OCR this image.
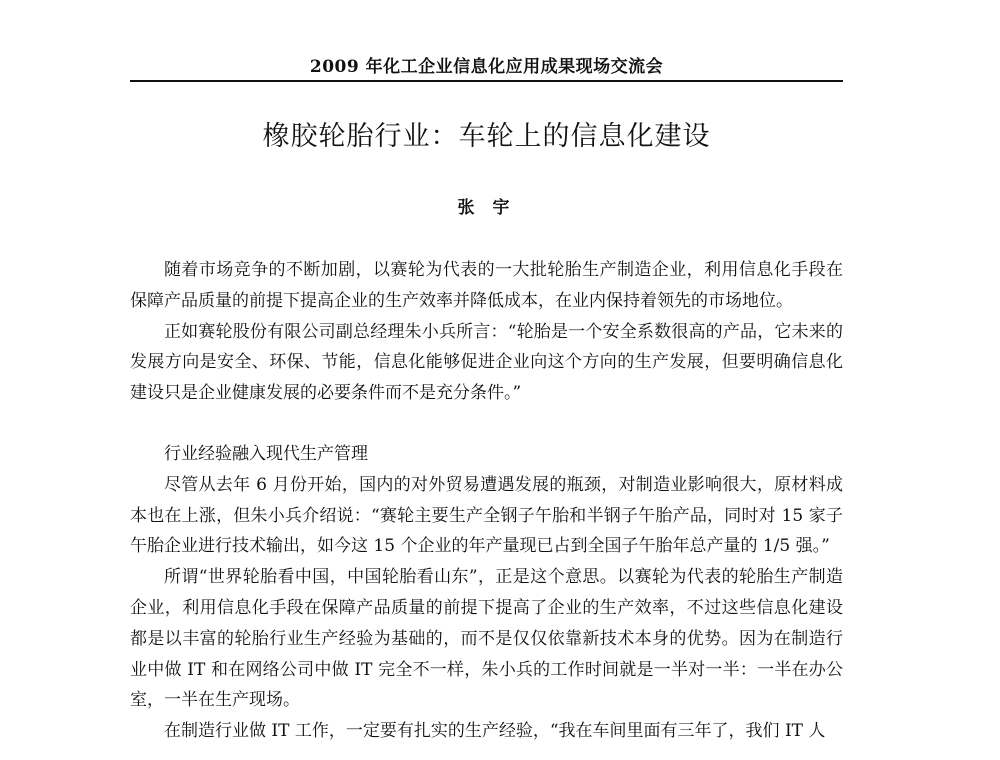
2009 年化工企业信息化应用成果现场交流会
橡胶轮胎行业：车轮上的信息化建设
张 宇

随着市场竞争的不断加剧，以赛轮为代表的一大批轮胎生产制造企业，利用信息化手段在保障产品质量的前提下提高企业的生产效率并降低成本，在业内保持着领先的市场地位。

正如赛轮股份有限公司副总经理朱小兵所言：“轮胎是一个安全系数很高的产品，它未来的发展方向是安全、环保、节能，信息化能够促进企业向这个方向的生产发展，但要明确信息化建设只是企业健康发展的必要条件而不是充分条件。”

行业经验融入现代生产管理

尽管从去年 6 月份开始，国内的对外贸易遭遇发展的瓶颈，对制造业影响很大，原材料成本也在上涨，但朱小兵介绍说：“赛轮主要生产全钢子午胎和半钢子午胎产品，同时对 15 家子午胎企业进行技术输出，如今这 15 个企业的年产量现已占到全国子午胎年总产量的 1/5 强。”

所谓“世界轮胎看中国，中国轮胎看山东”，正是这个意思。以赛轮为代表的轮胎生产制造企业，利用信息化手段在保障产品质量的前提下提高了企业的生产效率，不过这些信息化建设都是以丰富的轮胎行业生产经验为基础的，而不是仅仅依靠新技术本身的优势。因为在制造行业中做 IT 和在网络公司中做 IT 完全不一样，朱小兵的工作时间就是一半对一半：一半在办公室，一半在生产现场。

在制造行业做 IT 工作，一定要有扎实的生产经验，“我在车间里面有三年了，我们 IT 人
